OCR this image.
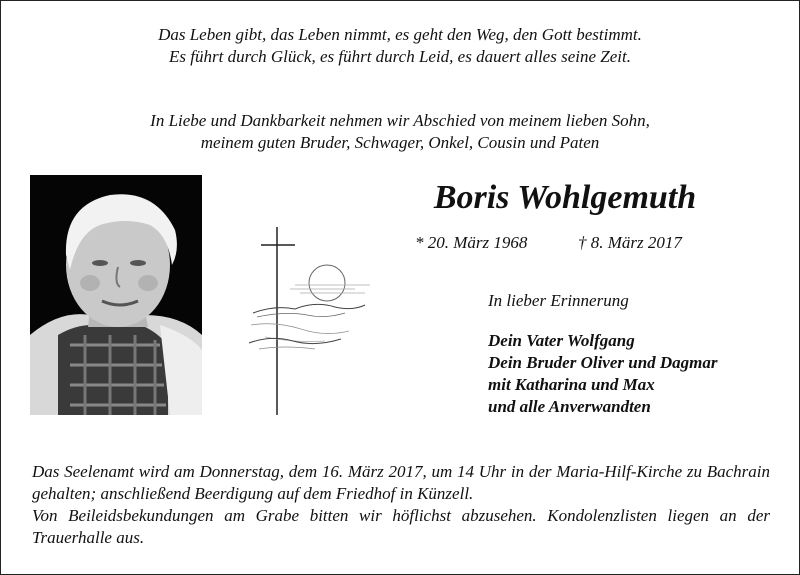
Das Leben gibt, das Leben nimmt, es geht den Weg, den Gott bestimmt.
Es führt durch Glück, es führt durch Leid, es dauert alles seine Zeit.
In Liebe und Dankbarkeit nehmen wir Abschied von meinem lieben Sohn,
meinem guten Bruder, Schwager, Onkel, Cousin und Paten
Boris Wohlgemuth
* 20. März 1968	† 8. März 2017
In lieber Erinnerung
Dein Vater Wolfgang
Dein Bruder Oliver und Dagmar
mit Katharina und Max
und alle Anverwandten
Das Seelenamt wird am Donnerstag, dem 16. März 2017, um 14 Uhr in der Maria-Hilf-Kirche zu Bachrain gehalten; anschließend Beerdigung auf dem Friedhof in Künzell.
Von Beileidsbekundungen am Grabe bitten wir höflichst abzusehen. Kondolenzlisten liegen an der Trauerhalle aus.
